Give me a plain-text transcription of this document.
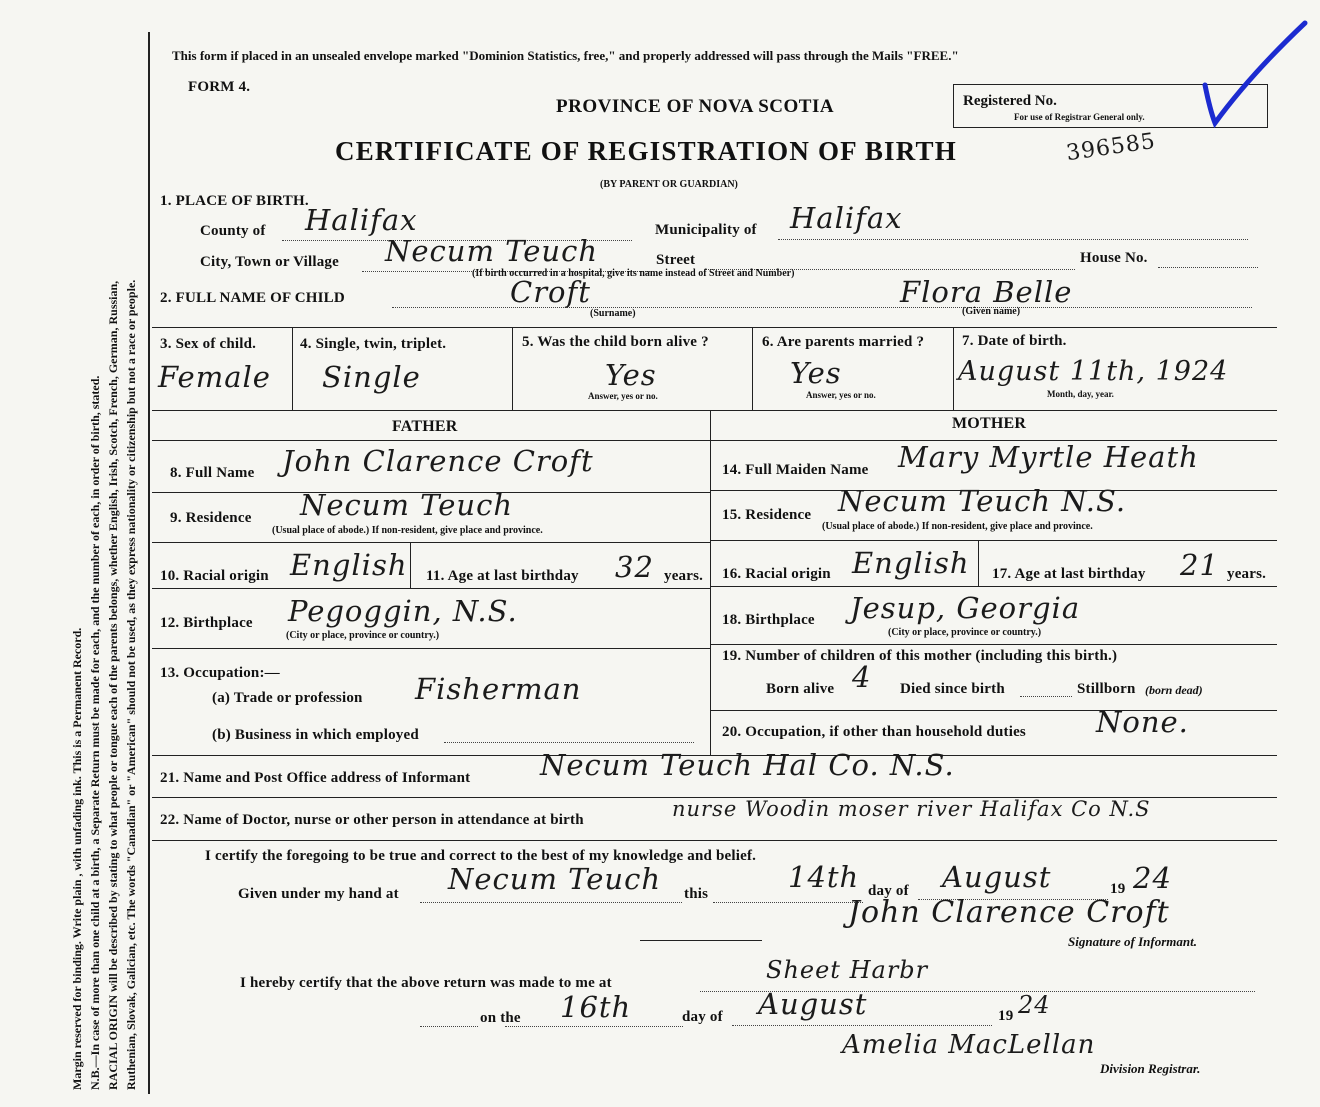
Margin reserved for binding. Write plain , with unfading ink. This is a Permanent Record. N.B.—In case of more than one child at a birth, a Separate Return must be made for each, and the number of each, in order of birth, stated. RACIAL ORIGIN will be described by stating to what people or tongue each of the parents belongs, whether English, Irish, Scotch, French, German, Russian, Ruthenian, Slovak, Galician, etc. The words "Canadian" or "American" should not be used, as they express nationality or citizenship but not a race or people.
This form if placed in an unsealed envelope marked "Dominion Statistics, free," and properly addressed will pass through the Mails "FREE."
FORM 4.
PROVINCE OF NOVA SCOTIA
CERTIFICATE OF REGISTRATION OF BIRTH
(BY PARENT OR GUARDIAN)
Registered No.
For use of Registrar General only.
396585
1. PLACE OF BIRTH.
County of Halifax	Municipality of Halifax
City, Town or Village Necum Teuch	Street	House No.
(If birth occurred in a hospital, give its name instead of Street and Number)
2. FULL NAME OF CHILD	Croft
(Surname)
Flora Belle
(Given name)
3. Sex of child.
Female
4. Single, twin, triplet.
Single
5. Was the child born alive ?
Yes
Answer, yes or no.
6. Are parents married ?
Yes
Answer, yes or no.
7. Date of birth.
August 11th, 1924
Month, day, year.
FATHER	MOTHER
8. Full Name John Clarence Croft
9. Residence Necum Teuch
(Usual place of abode.) If non-resident, give place and province.
10. Racial origin English 11. Age at last birthday 32 years.
12. Birthplace Pegoggin, N.S.
(City or place, province or country.)
13. Occupation:—
(a) Trade or profession Fisherman
(b) Business in which employed
14. Full Maiden Name Mary Myrtle Heath
15. Residence Necum Teuch N.S.
(Usual place of abode.) If non-resident, give place and province.
16. Racial origin English 17. Age at last birthday 21 years.
18. Birthplace Jesup, Georgia
(City or place, province or country.)
19. Number of children of this mother (including this birth.)
Born alive 4 Died since birth	Stillborn (born dead)
20. Occupation, if other than household duties None.
21. Name and Post Office address of Informant Necum Teuch Hal Co. N.S.
22. Name of Doctor, nurse or other person in attendance at birth	nurse Woodin moser river Halifax Co N.S
I certify the foregoing to be true and correct to the best of my knowledge and belief.
Given under my hand at Necum Teuch this	14th day of August	19 24
John Clarence Croft
Signature of Informant.
I hereby certify that the above return was made to me at	Sheet Harbr
on the 16th	day of August	19 24
Amelia MacLellan
Division Registrar.
